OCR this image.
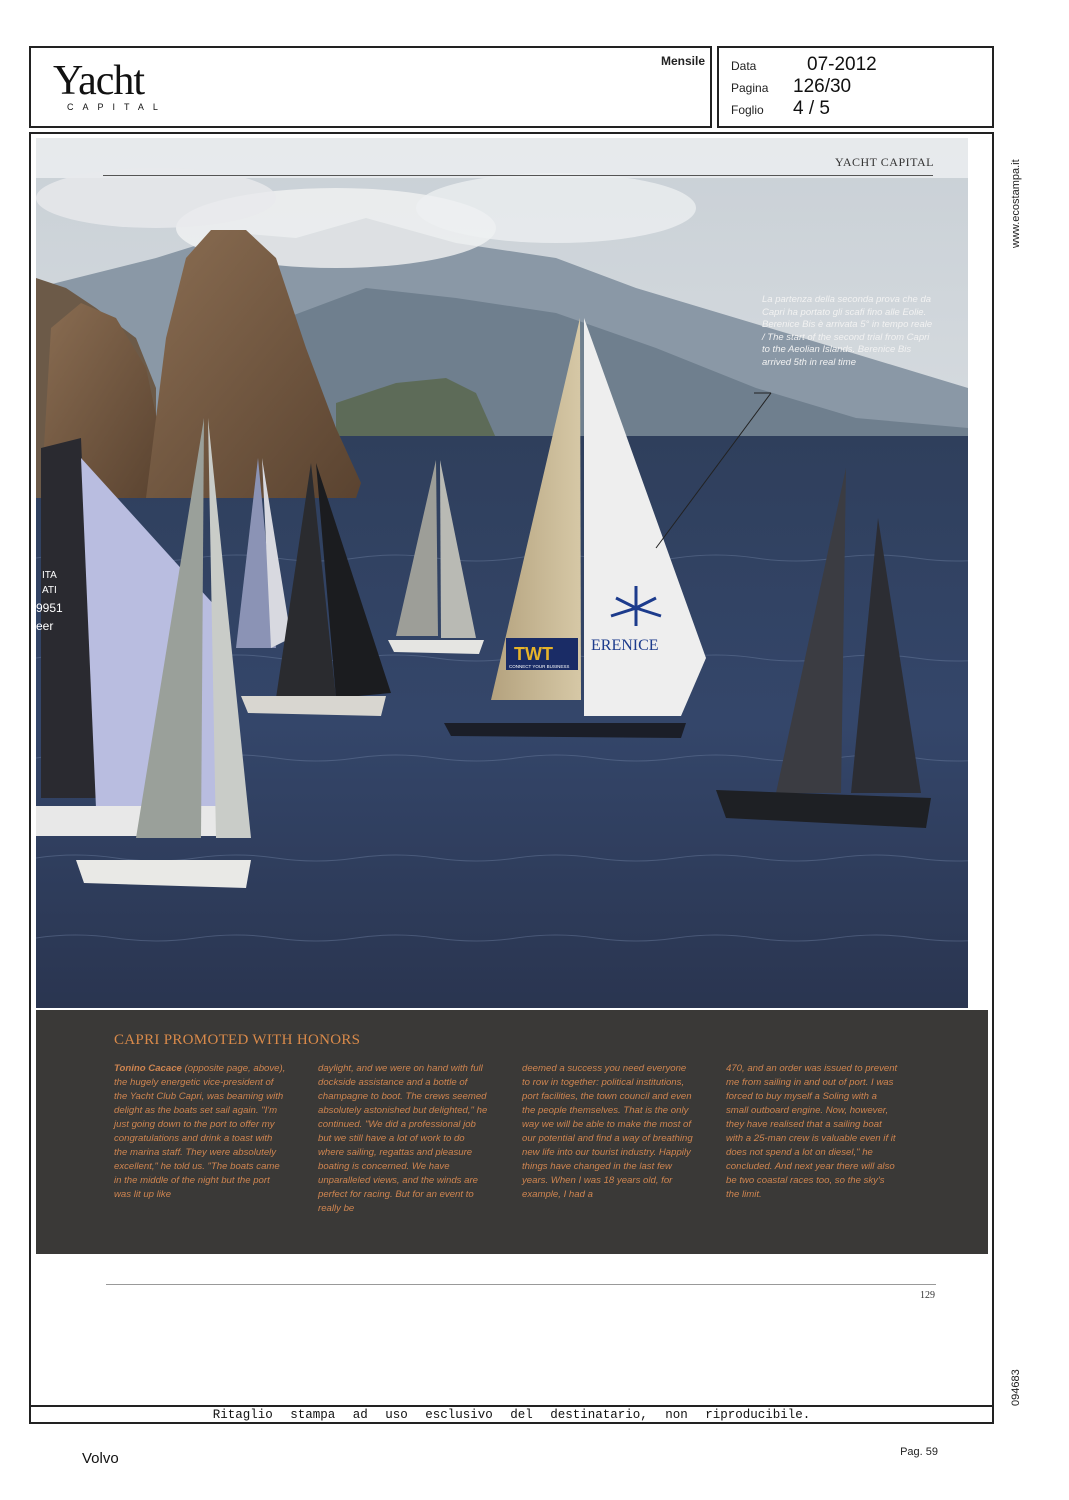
Yacht
CAPITAL
Mensile Data	07-2012
Pagina	126/30
Foglio	4 / 5
www.ecostampa.it
094683
ITA
ATI
9951
eer
ERENICE
TWT
CONNECT YOUR BUSINESS
La partenza della seconda prova che da Capri ha portato gli scafi fino alle Eolie. Berenice Bis è arrivata 5° in tempo reale / The start of the second trial from Capri to the Aeolian Islands. Berenice Bis arrived 5th in real time
YACHT CAPITAL
CAPRI PROMOTED WITH HONORS
Tonino Cacace (opposite page, above), the hugely energetic vice-president of the Yacht Club Capri, was beaming with delight as the boats set sail again. "I'm just going down to the port to offer my congratulations and drink a toast with the marina staff. They were absolutely excellent," he told us. "The boats came in the middle of the night but the port was lit up like
daylight, and we were on hand with full dockside assistance and a bottle of champagne to boot. The crews seemed absolutely astonished but delighted," he continued. "We did a professional job but we still have a lot of work to do where sailing, regattas and pleasure boating is concerned. We have unparalleled views, and the winds are perfect for racing. But for an event to really be
deemed a success you need everyone to row in together: political institutions, port facilities, the town council and even the people themselves. That is the only way we will be able to make the most of our potential and find a way of breathing new life into our tourist industry. Happily things have changed in the last few years. When I was 18 years old, for example, I had a
470, and an order was issued to prevent me from sailing in and out of port. I was forced to buy myself a Soling with a small outboard engine. Now, however, they have realised that a sailing boat with a 25-man crew is valuable even if it does not spend a lot on diesel," he concluded. And next year there will also be two coastal races too, so the sky's the limit.
129
Ritaglio stampa ad uso esclusivo del destinatario, non riproducibile.
Volvo	Pag. 59
